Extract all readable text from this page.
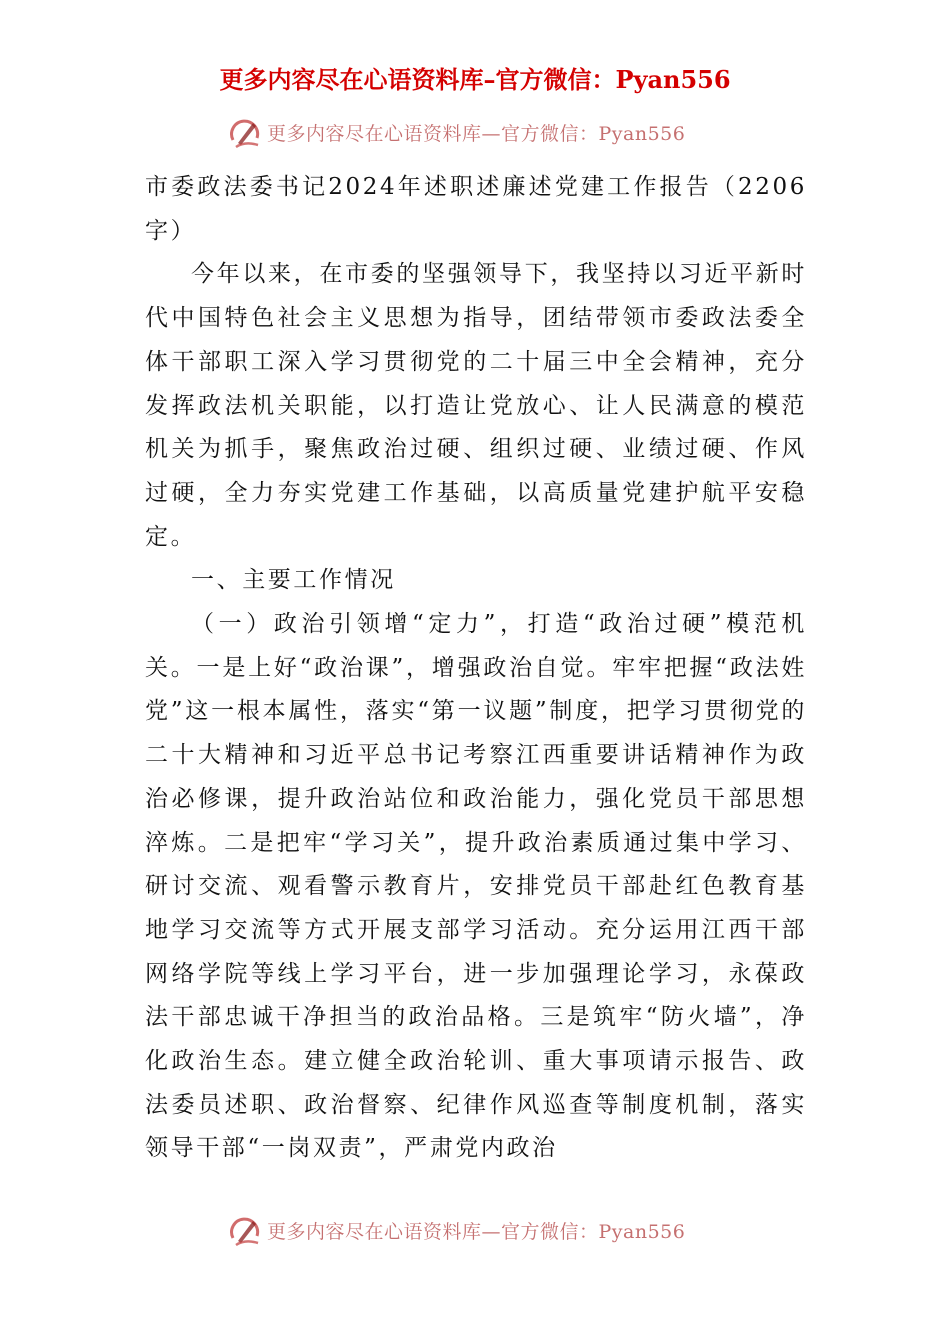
更多内容尽在心语资料库–官方微信：Pyan556
更多内容尽在心语资料库—官方微信：Pyan556

市委政法委书记2024年述职述廉述党建工作报告（2206字）

今年以来，在市委的坚强领导下，我坚持以习近平新时代中国特色社会主义思想为指导，团结带领市委政法委全体干部职工深入学习贯彻党的二十届三中全会精神，充分发挥政法机关职能，以打造让党放心、让人民满意的模范机关为抓手，聚焦政治过硬、组织过硬、业绩过硬、作风过硬，全力夯实党建工作基础，以高质量党建护航平安稳定。

一、主要工作情况

（一）政治引领增“定力”，打造“政治过硬”模范机关。一是上好“政治课”，增强政治自觉。牢牢把握“政法姓党”这一根本属性，落实“第一议题”制度，把学习贯彻党的二十大精神和习近平总书记考察江西重要讲话精神作为政治必修课，提升政治站位和政治能力，强化党员干部思想淬炼。二是把牢“学习关”，提升政治素质通过集中学习、研讨交流、观看警示教育片，安排党员干部赴红色教育基地学习交流等方式开展支部学习活动。充分运用江西干部网络学院等线上学习平台，进一步加强理论学习，永葆政法干部忠诚干净担当的政治品格。三是筑牢“防火墙”，净化政治生态。建立健全政治轮训、重大事项请示报告、政法委员述职、政治督察、纪律作风巡查等制度机制，落实领导干部“一岗双责”，严肃党内政治

更多内容尽在心语资料库—官方微信：Pyan556
